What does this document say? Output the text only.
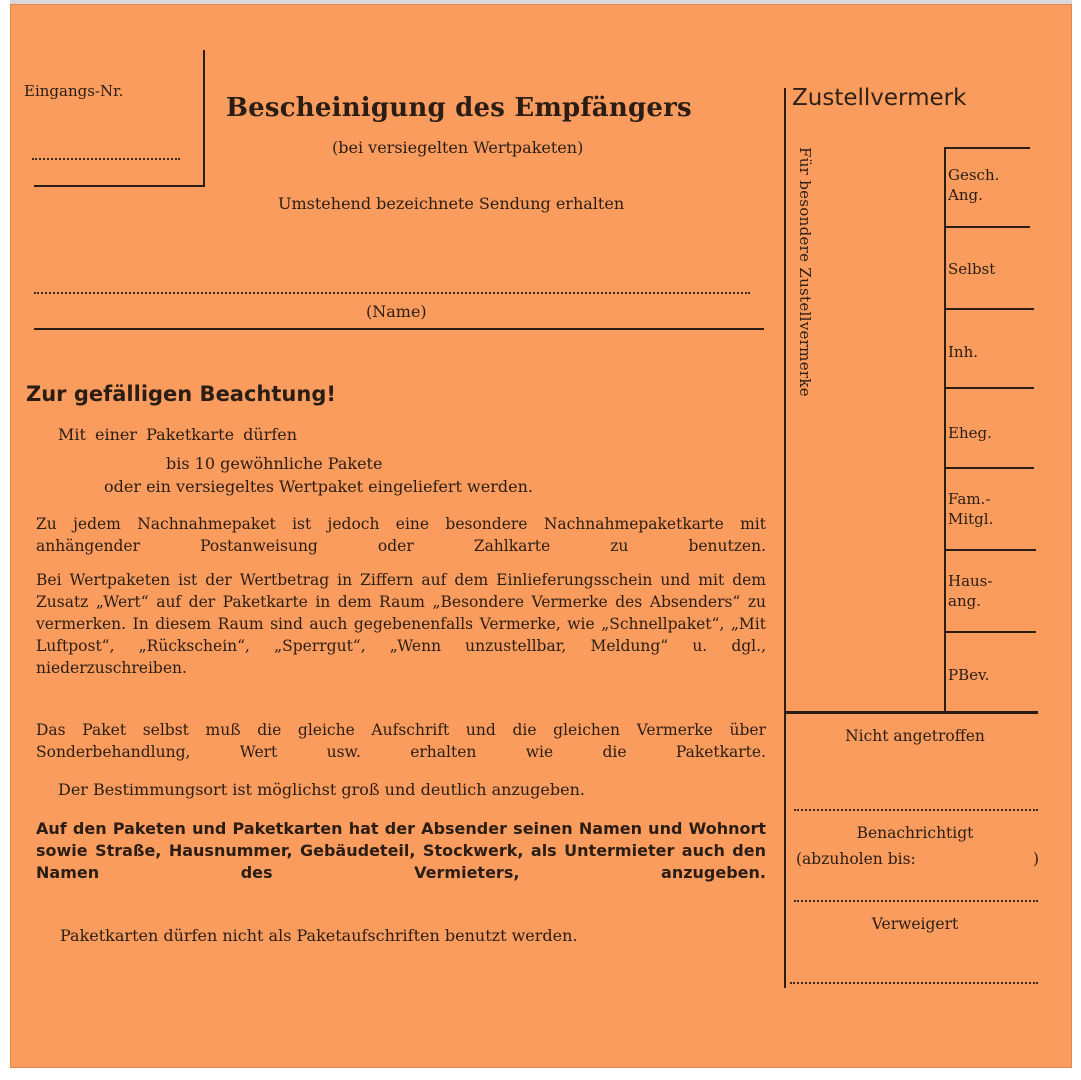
Eingangs-Nr.
Bescheinigung des Empfängers
(bei versiegelten Wertpaketen)
Umstehend bezeichnete Sendung erhalten
(Name)
Zur gefälligen Beachtung!
Mit einer Paketkarte dürfen
bis 10 gewöhnliche Pakete
oder ein versiegeltes Wertpaket eingeliefert werden.
Zu jedem Nachnahmepaket ist jedoch eine besondere Nachnahmepaketkarte mit anhängender Postanweisung oder Zahlkarte zu benutzen.
Bei Wertpaketen ist der Wertbetrag in Ziffern auf dem Einlieferungsschein und mit dem Zusatz „Wert“ auf der Paketkarte in dem Raum „Besondere Vermerke des Absenders“ zu vermerken. In diesem Raum sind auch gegebenenfalls Vermerke, wie „Schnellpaket“, „Mit Luftpost“, „Rückschein“, „Sperrgut“, „Wenn unzustellbar, Meldung“ u. dgl., niederzuschreiben.
Das Paket selbst muß die gleiche Aufschrift und die gleichen Vermerke über Sonderbehandlung, Wert usw. erhalten wie die Paketkarte.
Der Bestimmungsort ist möglichst groß und deutlich anzugeben.
Auf den Paketen und Paketkarten hat der Absender seinen Namen und Wohnort sowie Straße, Hausnummer, Gebäudeteil, Stockwerk, als Untermieter auch den Namen des Vermieters, anzugeben.
Paketkarten dürfen nicht als Paketaufschriften benutzt werden.
Zustellvermerk
Für besondere Zustellvermerke	Gesch. Ang.
Selbst
Inh.
Eheg.
Fam.- Mitgl.
Haus- ang.
PBev.
Nicht angetroffen
Benachrichtigt
(abzuholen bis:	)
Verweigert
